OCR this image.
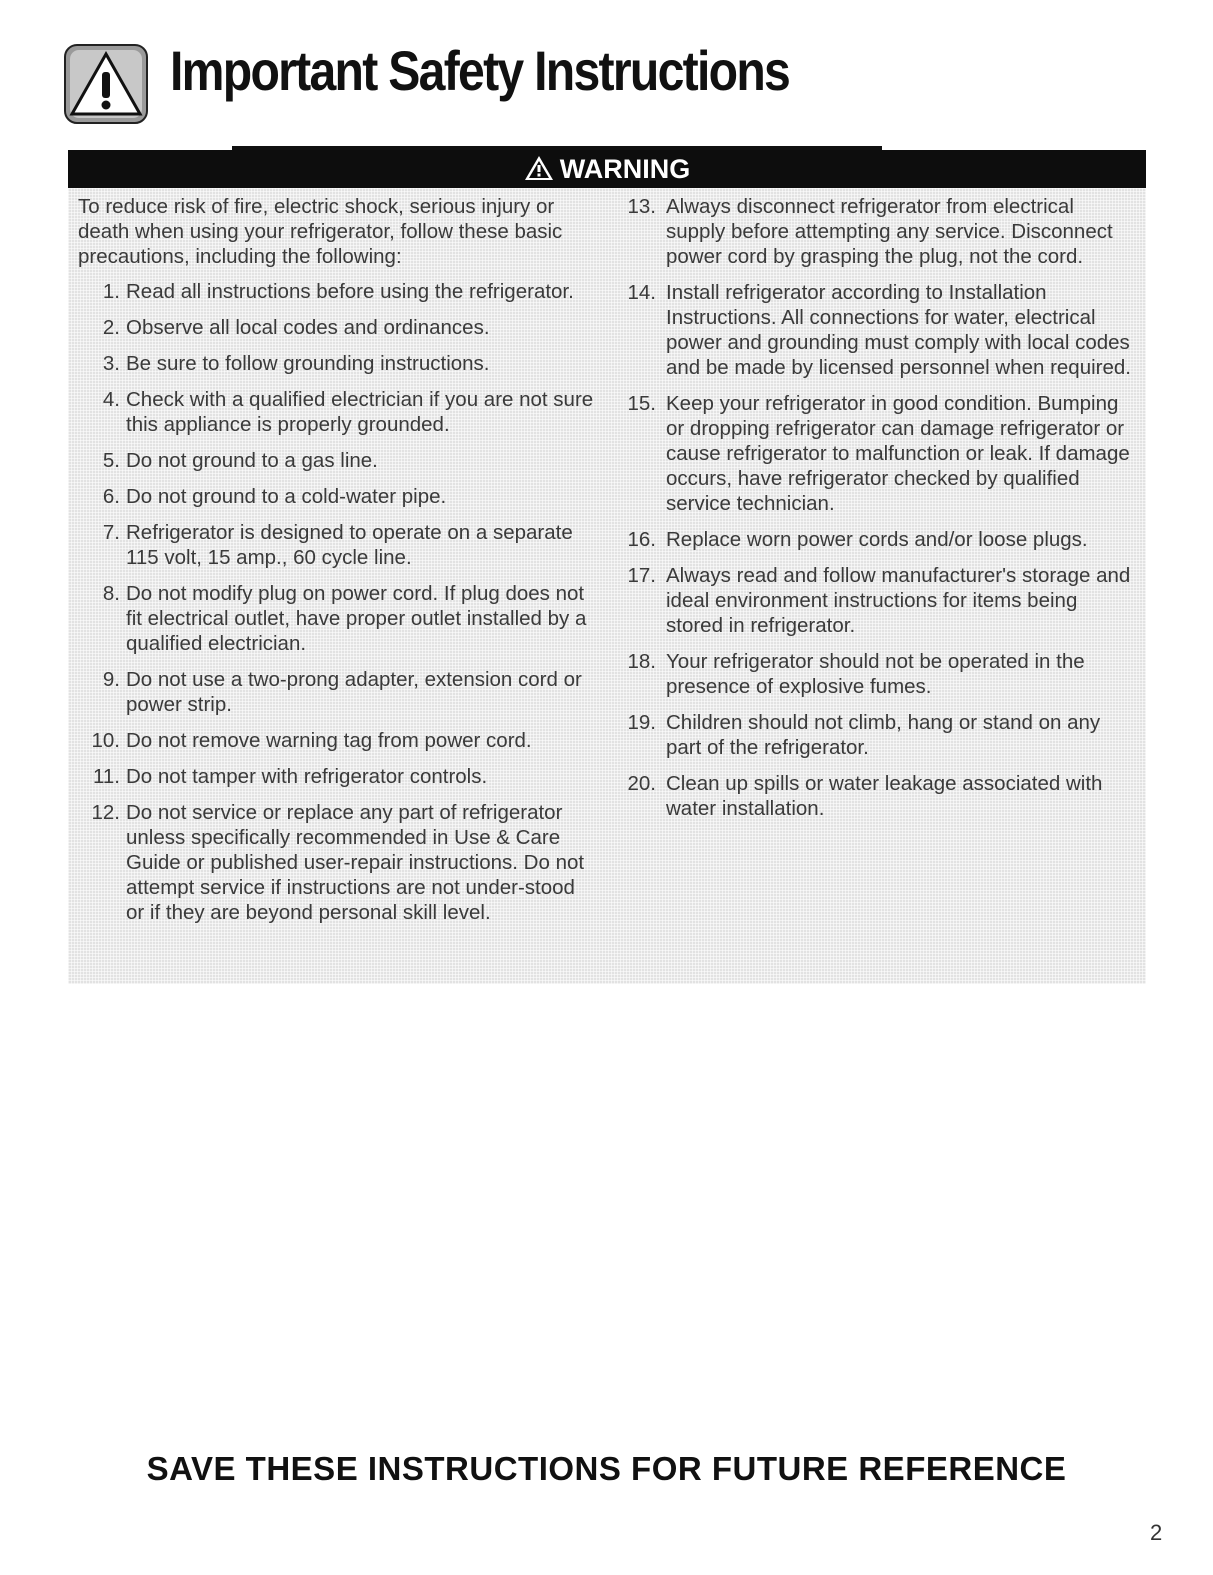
Important Safety Instructions
WARNING

To reduce risk of fire, electric shock, serious injury or death when using your refrigerator, follow these basic precautions, including the following:

1. Read all instructions before using the refrigerator.
2. Observe all local codes and ordinances.
3. Be sure to follow grounding instructions.
4. Check with a qualified electrician if you are not sure this appliance is properly grounded.
5. Do not ground to a gas line.
6. Do not ground to a cold-water pipe.
7. Refrigerator is designed to operate on a separate 115 volt, 15 amp., 60 cycle line.
8. Do not modify plug on power cord. If plug does not fit electrical outlet, have proper outlet installed by a qualified electrician.
9. Do not use a two-prong adapter, extension cord or power strip.
10. Do not remove warning tag from power cord.
11. Do not tamper with refrigerator controls.
12. Do not service or replace any part of refrigerator unless specifically recommended in Use & Care Guide or published user-repair instructions. Do not attempt service if instructions are not under-stood or if they are beyond personal skill level.
13. Always disconnect refrigerator from electrical supply before attempting any service. Disconnect power cord by grasping the plug, not the cord.
14. Install refrigerator according to Installation Instructions. All connections for water, electrical power and grounding must comply with local codes and be made by licensed personnel when required.
15. Keep your refrigerator in good condition. Bumping or dropping refrigerator can damage refrigerator or cause refrigerator to malfunction or leak. If damage occurs, have refrigerator checked by qualified service technician.
16. Replace worn power cords and/or loose plugs.
17. Always read and follow manufacturer's storage and ideal environment instructions for items being stored in refrigerator.
18. Your refrigerator should not be operated in the presence of explosive fumes.
19. Children should not climb, hang or stand on any part of the refrigerator.
20. Clean up spills or water leakage associated with water installation.
SAVE THESE INSTRUCTIONS FOR FUTURE REFERENCE
2
